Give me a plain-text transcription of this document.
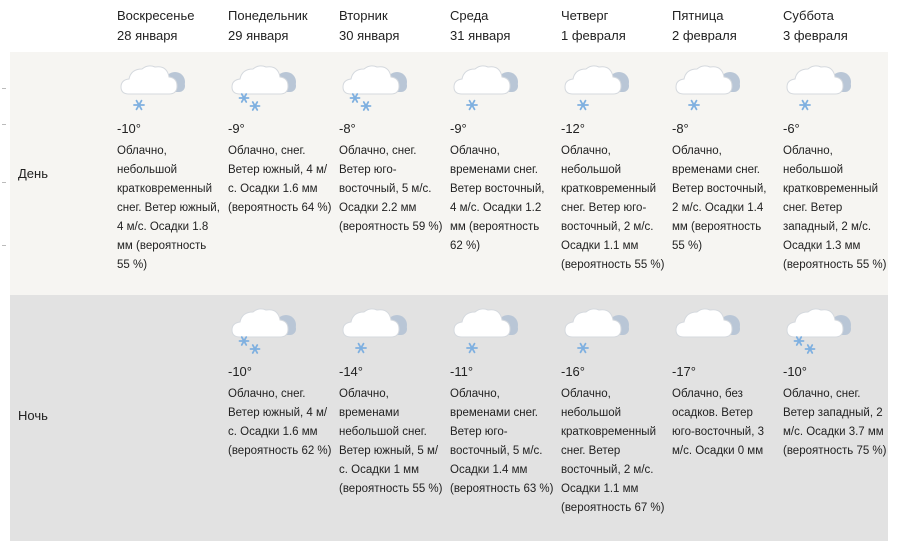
Воскресенье
28 января
Понедельник
29 января
Вторник
30 января
Среда
31 января
Четверг
1 февраля
Пятница
2 февраля
Суббота
3 февраля
День
-10°
Облачно, небольшой кратковременный снег. Ветер южный, 4 м/с. Осадки 1.8 мм (вероятность 55 %)
-9°
Облачно, снег. Ветер южный, 4 м/с. Осадки 1.6 мм (вероятность 64 %)
-8°
Облачно, снег. Ветер юго-восточный, 5 м/с. Осадки 2.2 мм (вероятность 59 %)
-9°
Облачно, временами снег. Ветер восточный, 4 м/с. Осадки 1.2 мм (вероятность 62 %)
-12°
Облачно, небольшой кратковременный снег. Ветер юго-восточный, 2 м/с. Осадки 1.1 мм (вероятность 55 %)
-8°
Облачно, временами снег. Ветер восточный, 2 м/с. Осадки 1.4 мм (вероятность 55 %)
-6°
Облачно, небольшой кратковременный снег. Ветер западный, 2 м/с. Осадки 1.3 мм (вероятность 55 %)
Ночь
-10°
Облачно, снег. Ветер южный, 4 м/с. Осадки 1.6 мм (вероятность 62 %)
-14°
Облачно, временами небольшой снег. Ветер южный, 5 м/с. Осадки 1 мм (вероятность 55 %)
-11°
Облачно, временами снег. Ветер юго-восточный, 5 м/с. Осадки 1.4 мм (вероятность 63 %)
-16°
Облачно, небольшой кратковременный снег. Ветер восточный, 2 м/с. Осадки 1.1 мм (вероятность 67 %)
-17°
Облачно, без осадков. Ветер юго-восточный, 3 м/с. Осадки 0 мм
-10°
Облачно, снег. Ветер западный, 2 м/с. Осадки 3.7 мм (вероятность 75 %)
